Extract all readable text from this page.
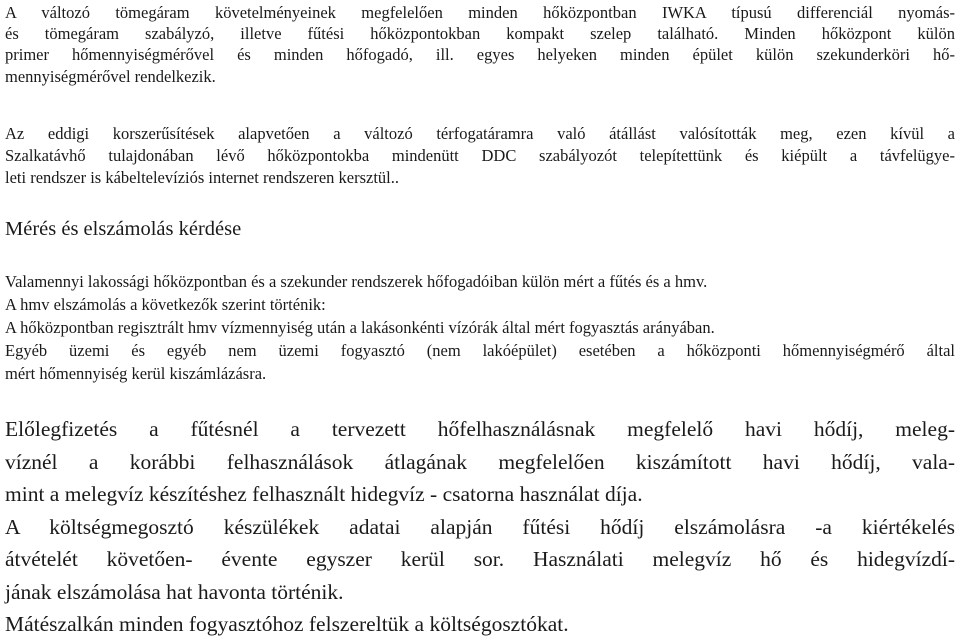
A változó tömegáram követelményeinek megfelelően minden hőközpontban IWKA típusú differenciál nyomás-
és tömegáram szabályzó, illetve fűtési hőközpontokban kompakt szelep található. Minden hőközpont külön
primer hőmennyiségmérővel és minden hőfogadó, ill. egyes helyeken minden épület külön szekunderköri hő-
mennyiségmérővel rendelkezik.
Az eddigi korszerűsítések alapvetően a változó térfogatáramra való átállást valósították meg, ezen kívül a
Szalkatávhő tulajdonában lévő hőközpontokba mindenütt DDC szabályozót telepítettünk és kiépült a távfelügye-
leti rendszer is kábeltelevíziós internet rendszeren kersztül..
Mérés és elszámolás kérdése
Valamennyi lakossági hőközpontban és a szekunder rendszerek hőfogadóiban külön mért a fűtés és a hmv.
A hmv elszámolás a következők szerint történik:
A hőközpontban regisztrált hmv vízmennyiség után a lakásonkénti vízórák által mért fogyasztás arányában.
Egyéb üzemi és egyéb nem üzemi fogyasztó (nem lakóépület) esetében a hőközponti hőmennyiségmérő által
mért hőmennyiség kerül kiszámlázásra.
Előlegfizetés a fűtésnél a tervezett hőfelhasználásnak megfelelő havi hődíj, meleg-
víznél a korábbi felhasználások átlagának megfelelően kiszámított havi hődíj, vala-
mint a melegvíz készítéshez felhasznált hidegvíz - csatorna használat díja.
A költségmegosztó készülékek adatai alapján fűtési hődíj elszámolásra -a kiértékelés
átvételét követően- évente egyszer kerül sor. Használati melegvíz hő és hidegvízdí-
jának elszámolása hat havonta történik.
Mátészalkán minden fogyasztóhoz felszereltük a költségosztókat.
